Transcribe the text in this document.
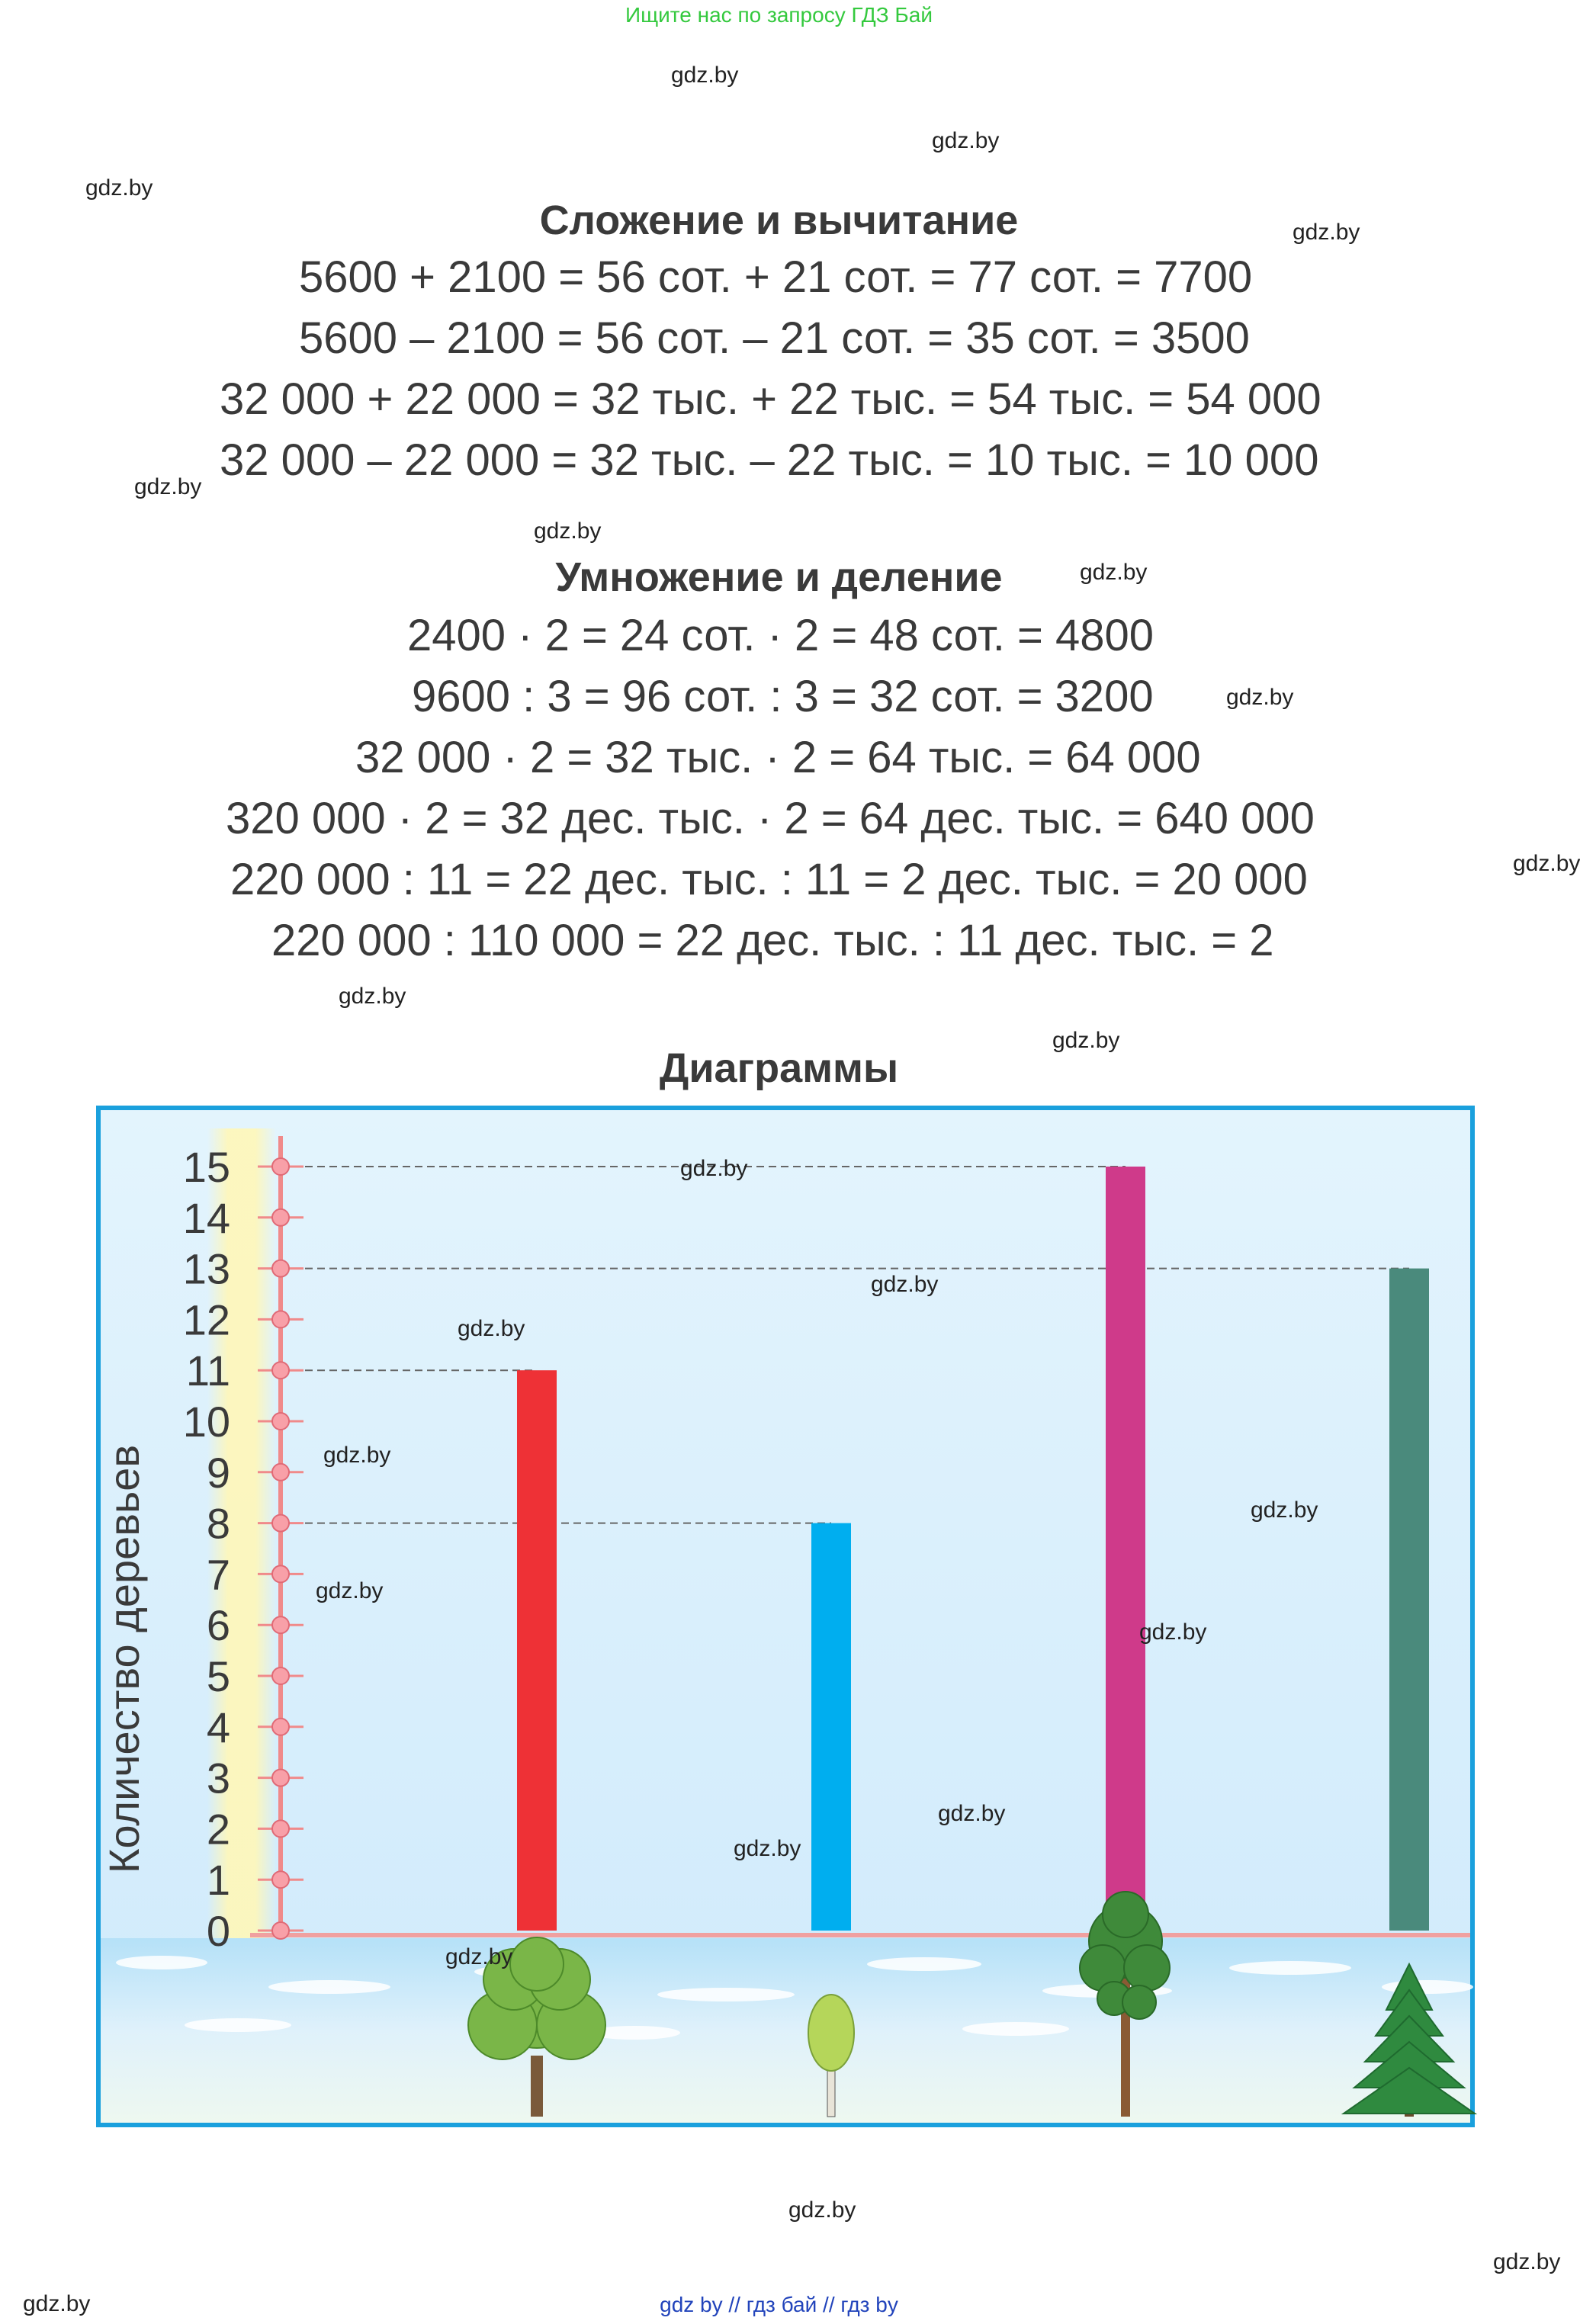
Ищите нас по запросу ГДЗ Бай
gdz.by
gdz.by
gdz.by
gdz.by
gdz.by
gdz.by
gdz.by
gdz.by
gdz.by
gdz.by
gdz.by
gdz.by
gdz.by
gdz.by
Сложение и вычитание
5600 + 2100 = 56 сот. + 21 сот. = 77 сот. = 7700
5600 – 2100 = 56 сот. – 21 сот. = 35 сот. = 3500
32 000 + 22 000 = 32 тыс. + 22 тыс. = 54 тыс. = 54 000
32 000 – 22 000 = 32 тыс. – 22 тыс. = 10 тыс. = 10 000
Умножение и деление
2400 · 2 = 24 сот. · 2 = 48 сот. = 4800
9600 : 3 = 96 сот. : 3 = 32 сот. = 3200
32 000 · 2 = 32 тыс. · 2 = 64 тыс. = 64 000
320 000 · 2 = 32 дес. тыс. · 2 = 64 дес. тыс. = 640 000
220 000 : 11 = 22 дес. тыс. : 11 = 2 дес. тыс. = 20 000
220 000 : 110 000 = 22 дес. тыс. : 11 дес. тыс. = 2
Диаграммы
0
1
2
3
4
5
6
7
8
9
10
11
12
13
14
15
Количество деревьев
gdz.by
gdz.by
gdz.by
gdz.by
gdz.by
gdz.by
gdz.by
gdz.by
gdz.by
gdz.by
gdz by // гдз бай // гдз by
